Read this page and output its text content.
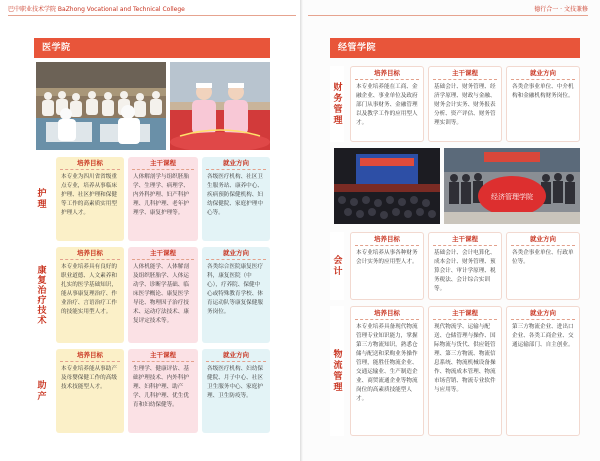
巴中职业技术学院 BaZhong Vocational and Technical College
医学院
护理
培养目标
本专业为四川省省级重点专业，培养从事临床护理、社区护理和保健等工作的高素质实用型护理人才。
主干课程
人体解剖学与组织胚胎学、生理学、病理学、内外科护理、妇产科护理、儿科护理、老年护理学、康复护理等。
就业方向
各级医疗机构、社区卫生服务站、康养中心、疾病预防保健机构、妇幼保健院、家庭护理中心等。
康复治疗技术
培养目标
本专业培养具有良好的职业道德、人文素养和扎实的医学基础知识，能从事康复理治疗、作业治疗、言语治疗工作的技能实用型人才。
主干课程
人体机能学、人体解剖及组织胚胎学、人体运动学、诊断学基础、临床医学概论、康复医学导论、物理因子治疗技术、运动疗法技术、康复评定技术等。
就业方向
各类综合医院康复医疗科，康复医院（中心），疗养院、保健中心或特殊教育学校、体育运动队等康复保健服务岗位。
助产
培养目标
本专业培养能从事助产及母婴保健工作的高级技术技能型人才。
主干课程
生理学、健康评估、基础护理技术、内外科护理、妇科护理、助产学、儿科护理、优生优育和妇幼保健等。
就业方向
各级医疗机构、妇幼保健院、月子中心、社区卫生服务中心、家庭护理、卫生防疫等。
德行合一 · 文技兼修
经管学院
财务管理
培养目标
本专业培养能在工商、金融企业、事业单位及政府部门从事财务、金融管理以及教学工作的应用型人才。
主干课程
基础会计、财务管理、经济学原理、财政与金融、财务会计实务、财务报表分析、资产评估、财务管理实训等。
就业方向
各类企事业单位、中介机构和金融机构财务岗位。
经济管理学院
会计
培养目标
本专业培养从事各种财务会计实务的应用型人才。
主干课程
基础会计、会计电算化、成本会计、财务管理、预算会计、审计学原理、税务税法、会计综合实训等。
就业方向
各类企事业单位、行政单位等。
物流管理
培养目标
本专业培养具备现代物流管理专业知识能力，掌握第三方物流知识，熟悉仓储与配送和采购业务操作管理，能胜任物流企业、交通运输业、生产制造企业、商贸流通企业等物流岗位的高素质技能型人才。
主干课程
现代物流学、运输与配送、仓储管理与操作、国际物流与货代、供应链管理、第三方物流、物流信息系统、物流机械设备操作、物流成本管理、物流市场营销、物流专业软件与应用等。
就业方向
第三方物流企业、进出口企业、各类工商企业、交通运输部门、自主创业。
